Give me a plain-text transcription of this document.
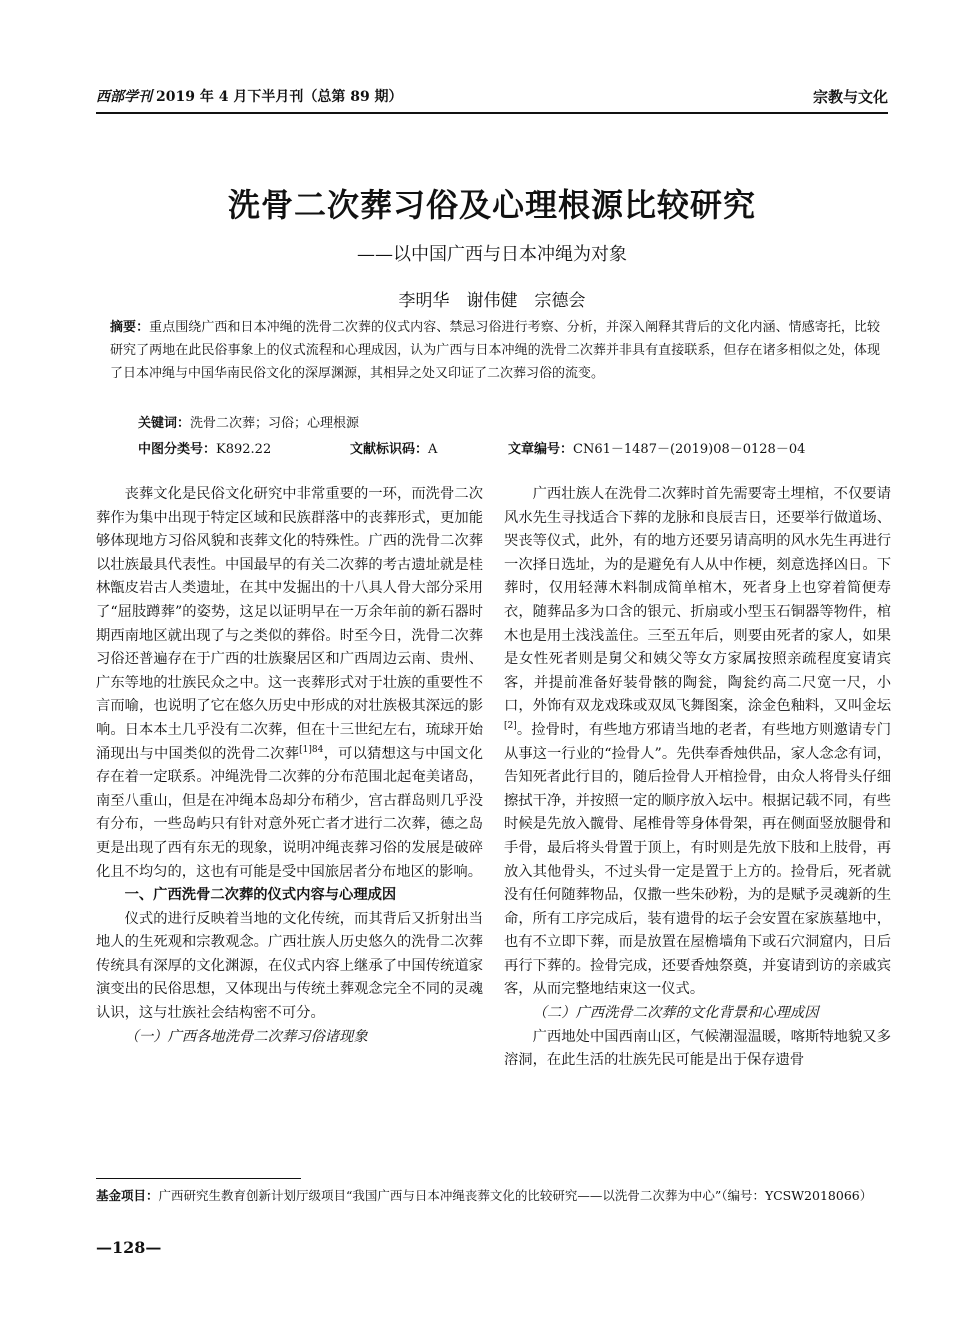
西部学刊 2019 年 4 月下半月刊（总第 89 期）	宗教与文化
洗骨二次葬习俗及心理根源比较研究
——以中国广西与日本冲绳为对象
李明华　谢伟健　宗德会
摘要：重点围绕广西和日本冲绳的洗骨二次葬的仪式内容、禁忌习俗进行考察、分析，并深入阐释其背后的文化内涵、情感寄托，比较研究了两地在此民俗事象上的仪式流程和心理成因，认为广西与日本冲绳的洗骨二次葬并非具有直接联系，但存在诸多相似之处，体现了日本冲绳与中国华南民俗文化的深厚渊源，其相异之处又印证了二次葬习俗的流变。
关键词：洗骨二次葬；习俗；心理根源
中图分类号：K892.22	文献标识码：A	文章编号：CN61－1487－(2019)08－0128－04

丧葬文化是民俗文化研究中非常重要的一环，而洗骨二次葬作为集中出现于特定区域和民族群落中的丧葬形式，更加能够体现地方习俗风貌和丧葬文化的特殊性。广西的洗骨二次葬以壮族最具代表性。中国最早的有关二次葬的考古遗址就是桂林甑皮岩古人类遗址，在其中发掘出的十八具人骨大部分采用了“屈肢蹲葬”的姿势，这足以证明早在一万余年前的新石器时期西南地区就出现了与之类似的葬俗。时至今日，洗骨二次葬习俗还普遍存在于广西的壮族聚居区和广西周边云南、贵州、广东等地的壮族民众之中。这一丧葬形式对于壮族的重要性不言而喻，也说明了它在悠久历史中形成的对壮族极其深远的影响。日本本土几乎没有二次葬，但在十三世纪左右，琉球开始涌现出与中国类似的洗骨二次葬$^{[1]84}$，可以猜想这与中国文化存在着一定联系。冲绳洗骨二次葬的分布范围北起奄美诸岛，南至八重山，但是在冲绳本岛却分布稍少，宫古群岛则几乎没有分布，一些岛屿只有针对意外死亡者才进行二次葬，德之岛更是出现了西有东无的现象，说明冲绳丧葬习俗的发展是破碎化且不均匀的，这也有可能是受中国旅居者分布地区的影响。

一、广西洗骨二次葬的仪式内容与心理成因

仪式的进行反映着当地的文化传统，而其背后又折射出当地人的生死观和宗教观念。广西壮族人历史悠久的洗骨二次葬传统具有深厚的文化渊源，在仪式内容上继承了中国传统道家演变出的民俗思想，又体现出与传统土葬观念完全不同的灵魂认识，这与壮族社会结构密不可分。

（一）广西各地洗骨二次葬习俗诸现象

广西壮族人在洗骨二次葬时首先需要寄土埋棺，不仅要请风水先生寻找适合下葬的龙脉和良辰吉日，还要举行做道场、哭丧等仪式，此外，有的地方还要另请高明的风水先生再进行一次择日选址，为的是避免有人从中作梗，刻意选择凶日。下葬时，仅用轻薄木料制成简单棺木，死者身上也穿着简便寿衣，随葬品多为口含的银元、折扇或小型玉石铜器等物件，棺木也是用土浅浅盖住。三至五年后，则要由死者的家人，如果是女性死者则是舅父和姨父等女方家属按照亲疏程度宴请宾客，并提前准备好装骨骸的陶瓮，陶瓮约高二尺宽一尺，小口，外饰有双龙戏珠或双凤飞舞图案，涂金色釉料，又叫金坛[2]。捡骨时，有些地方邪请当地的老者，有些地方则邀请专门从事这一行业的“捡骨人”。先供奉香烛供品，家人念念有词，告知死者此行目的，随后捡骨人开棺捡骨，由众人将骨头仔细擦拭干净，并按照一定的顺序放入坛中。根据记载不同，有些时候是先放入髋骨、尾椎骨等身体骨架，再在侧面竖放腿骨和手骨，最后将头骨置于顶上，有时则是先放下肢和上肢骨，再放入其他骨头，不过头骨一定是置于上方的。捡骨后，死者就没有任何随葬物品，仅撒一些朱砂粉，为的是赋予灵魂新的生命，所有工序完成后，装有遗骨的坛子会安置在家族墓地中，也有不立即下葬，而是放置在屋檐墙角下或石穴洞窟内，日后再行下葬的。捡骨完成，还要香烛祭奠，并宴请到访的亲戚宾客，从而完整地结束这一仪式。

（二）广西洗骨二次葬的文化背景和心理成因

广西地处中国西南山区，气候潮湿温暖，喀斯特地貌又多溶洞，在此生活的壮族先民可能是出于保存遗骨

基金项目：广西研究生教育创新计划厅级项目“我国广西与日本冲绳丧葬文化的比较研究——以洗骨二次葬为中心”（编号：YCSW2018066）
—128—
